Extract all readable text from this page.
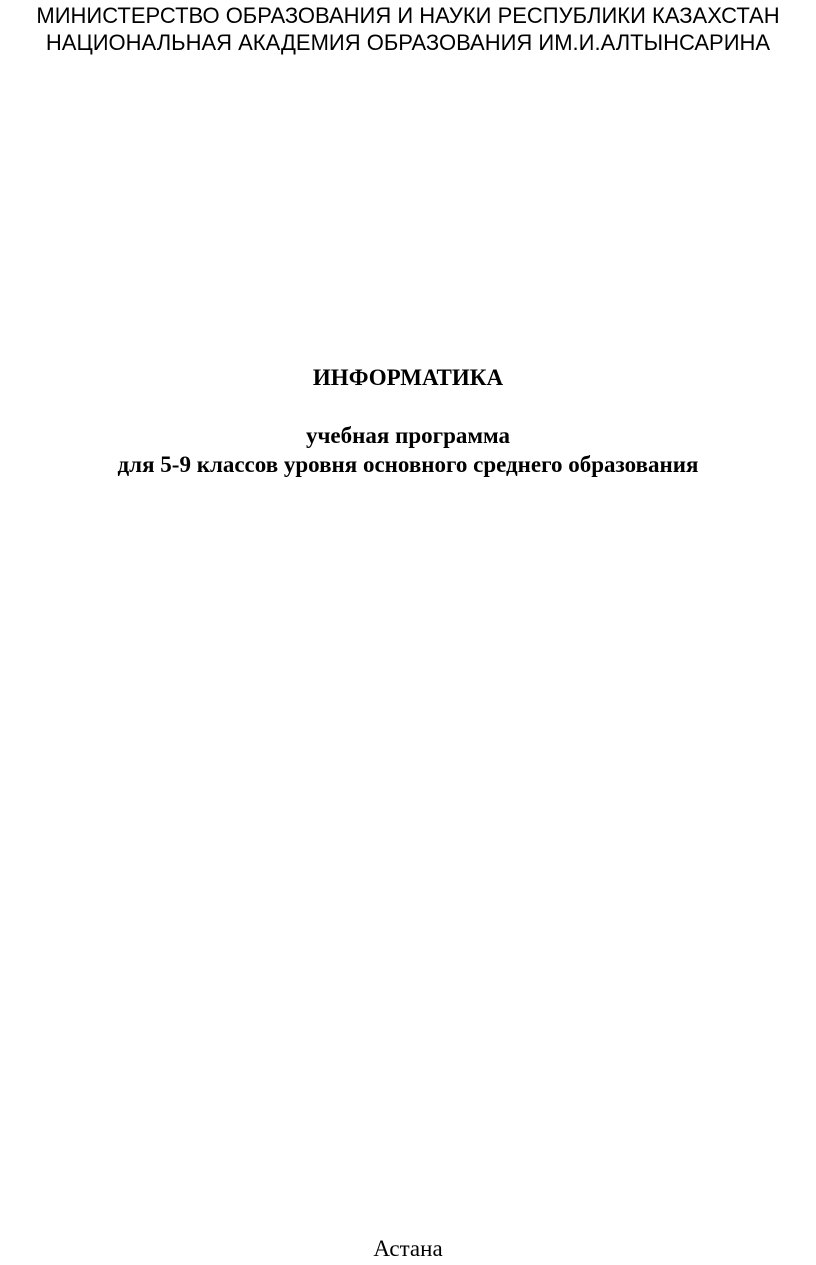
МИНИСТЕРСТВО ОБРАЗОВАНИЯ И НАУКИ РЕСПУБЛИКИ КАЗАХСТАН
НАЦИОНАЛЬНАЯ АКАДЕМИЯ ОБРАЗОВАНИЯ ИМ.И.АЛТЫНСАРИНА
ИНФОРМАТИКА
учебная программа
для 5-9 классов уровня основного среднего образования
Астана
